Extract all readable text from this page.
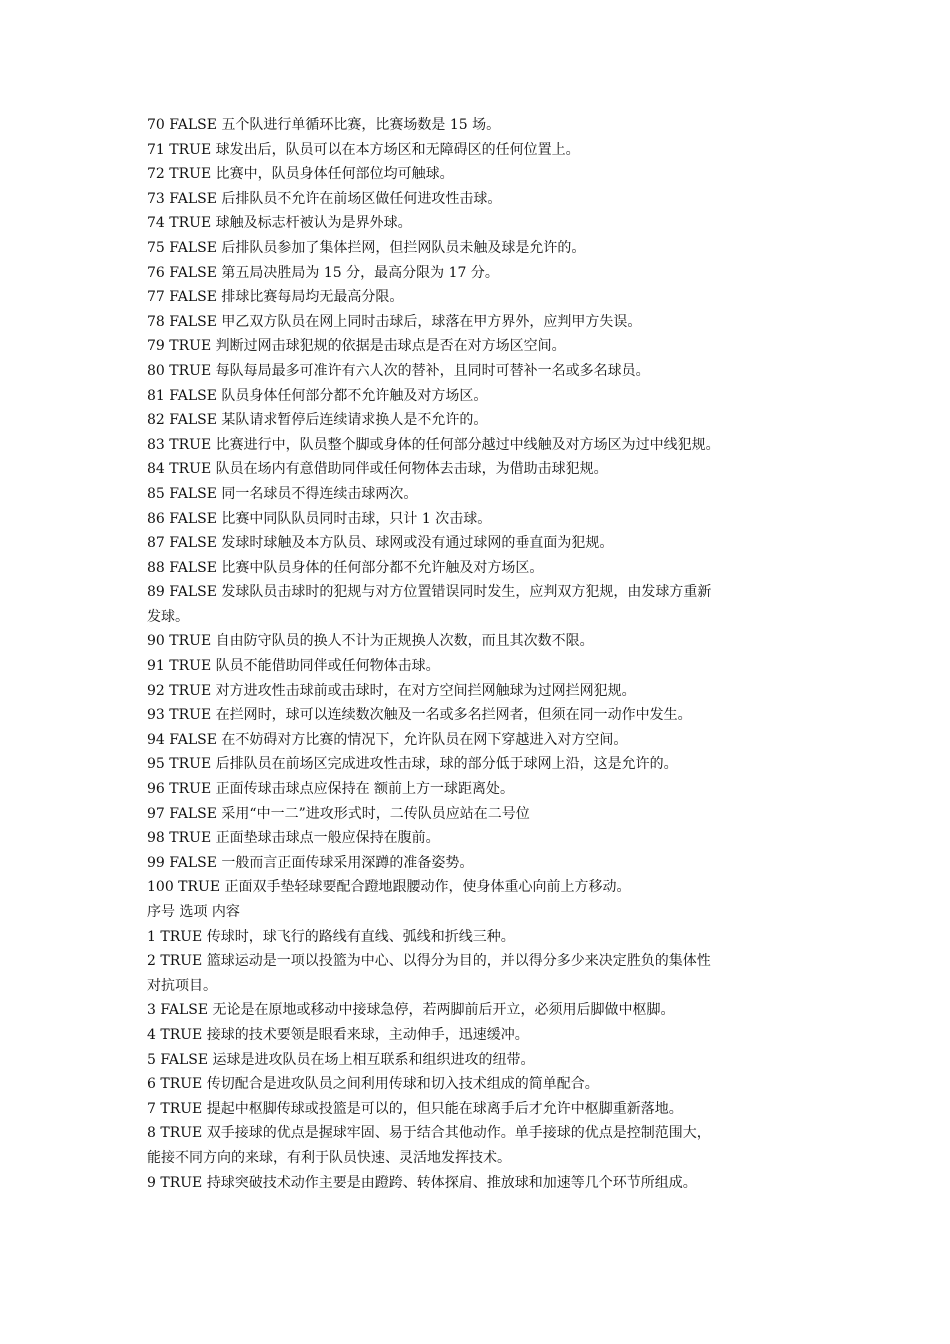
70 FALSE 五个队进行单循环比赛，比赛场数是 15 场。
71 TRUE 球发出后，队员可以在本方场区和无障碍区的任何位置上。
72 TRUE 比赛中，队员身体任何部位均可触球。
73 FALSE 后排队员不允许在前场区做任何进攻性击球。
74 TRUE 球触及标志杆被认为是界外球。
75 FALSE 后排队员参加了集体拦网，但拦网队员未触及球是允许的。
76 FALSE 第五局决胜局为 15 分，最高分限为 17 分。
77 FALSE 排球比赛每局均无最高分限。
78 FALSE 甲乙双方队员在网上同时击球后，球落在甲方界外，应判甲方失误。
79 TRUE 判断过网击球犯规的依据是击球点是否在对方场区空间。
80 TRUE 每队每局最多可准许有六人次的替补，且同时可替补一名或多名球员。
81 FALSE 队员身体任何部分都不允许触及对方场区。
82 FALSE 某队请求暂停后连续请求换人是不允许的。
83 TRUE 比赛进行中，队员整个脚或身体的任何部分越过中线触及对方场区为过中线犯规。
84 TRUE 队员在场内有意借助同伴或任何物体去击球，为借助击球犯规。
85 FALSE 同一名球员不得连续击球两次。
86 FALSE 比赛中同队队员同时击球，只计 1 次击球。
87 FALSE 发球时球触及本方队员、球网或没有通过球网的垂直面为犯规。
88 FALSE 比赛中队员身体的任何部分都不允许触及对方场区。
89 FALSE 发球队员击球时的犯规与对方位置错误同时发生，应判双方犯规，由发球方重新
发球。
90 TRUE 自由防守队员的换人不计为正规换人次数，而且其次数不限。
91 TRUE 队员不能借助同伴或任何物体击球。
92 TRUE 对方进攻性击球前或击球时，在对方空间拦网触球为过网拦网犯规。
93 TRUE 在拦网时，球可以连续数次触及一名或多名拦网者，但须在同一动作中发生。
94 FALSE 在不妨碍对方比赛的情况下，允许队员在网下穿越进入对方空间。
95 TRUE 后排队员在前场区完成进攻性击球，球的部分低于球网上沿，这是允许的。
96 TRUE 正面传球击球点应保持在 额前上方一球距离处。
97 FALSE 采用“中一二”进攻形式时，二传队员应站在二号位
98 TRUE 正面垫球击球点一般应保持在腹前。
99 FALSE 一般而言正面传球采用深蹲的准备姿势。
100 TRUE 正面双手垫轻球要配合蹬地跟腰动作，使身体重心向前上方移动。
序号 选项 内容
1 TRUE 传球时，球飞行的路线有直线、弧线和折线三种。
2 TRUE 篮球运动是一项以投篮为中心、以得分为目的，并以得分多少来决定胜负的集体性
对抗项目。
3 FALSE 无论是在原地或移动中接球急停，若两脚前后开立，必须用后脚做中枢脚。
4 TRUE 接球的技术要领是眼看来球，主动伸手，迅速缓冲。
5 FALSE 运球是进攻队员在场上相互联系和组织进攻的纽带。
6 TRUE 传切配合是进攻队员之间利用传球和切入技术组成的简单配合。
7 TRUE 提起中枢脚传球或投篮是可以的，但只能在球离手后才允许中枢脚重新落地。
8 TRUE 双手接球的优点是握球牢固、易于结合其他动作。单手接球的优点是控制范围大，
能接不同方向的来球，有利于队员快速、灵活地发挥技术。
9 TRUE 持球突破技术动作主要是由蹬跨、转体探肩、推放球和加速等几个环节所组成。
